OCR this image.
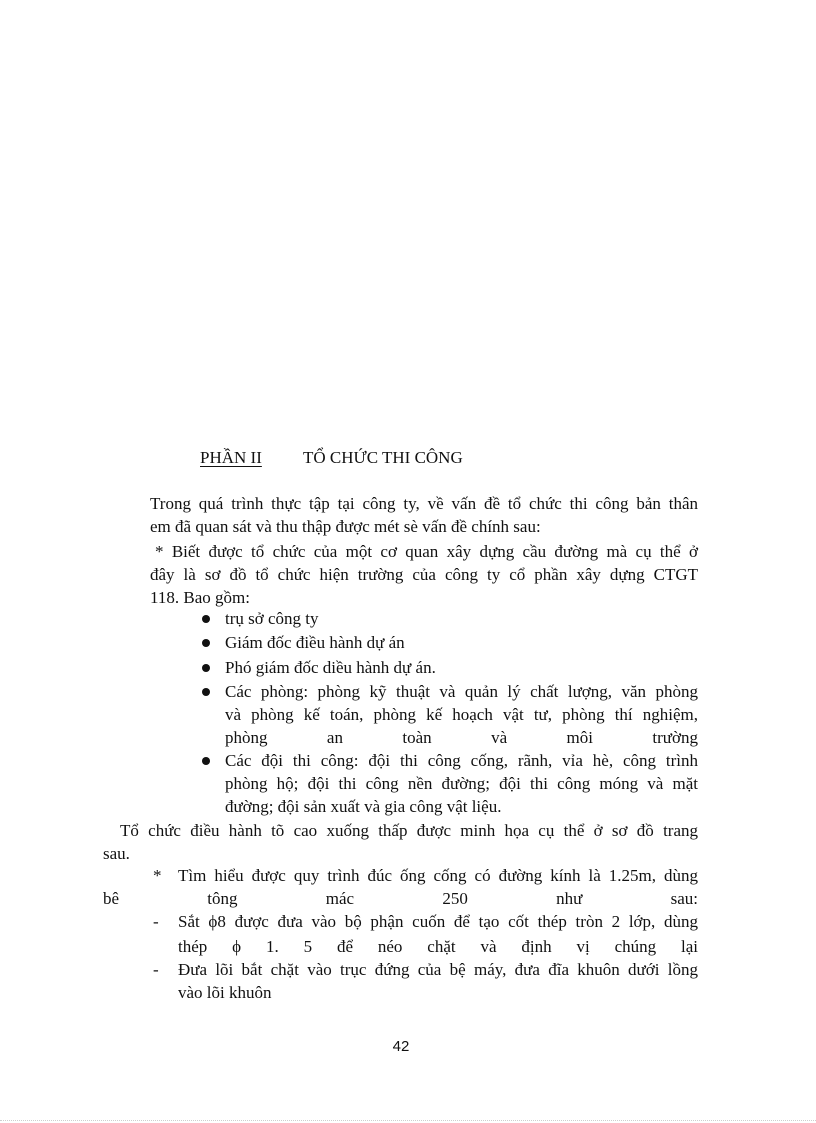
PHẦN II TỔ CHỨC THI CÔNG
Trong quá trình thực tập tại công ty, về vấn đề tổ chức thi công bản thân
em đã quan sát và thu thập được mét sè vấn đề chính sau:
* Biết được tổ chức của một cơ quan xây dựng cầu đường mà cụ thể ở
đây là sơ đồ tổ chức hiện trường của công ty cổ phần xây dựng CTGT
118. Bao gồm:
trụ sở công ty
Giám đốc điều hành dự án
Phó giám đốc diều hành dự án.
Các phòng: phòng kỹ thuật và quản lý chất lượng, văn phòng
và phòng kế toán, phòng kế hoạch vật tư, phòng thí nghiệm,
phòng an toàn và môi trường
Các đội thi công: đội thi công cống, rãnh, vỉa hè, công trình
phòng hộ; đội thi công nền đường; đội thi công móng và mặt
đường; đội sản xuất và gia công vật liệu.
Tổ chức điều hành tõ cao xuống thấp được minh họa cụ thể ở sơ đồ trang
sau.
* Tìm hiểu được quy trình đúc ống cống có đường kính là 1.25m, dùng
bê tông mác 250 như sau:
- Sắt ϕ8 được đưa vào bộ phận cuốn để tạo cốt thép tròn 2 lớp, dùng
thép ϕ 1. 5 để néo chặt và định vị chúng lại
- Đưa lõi bắt chặt vào trục đứng của bệ máy, đưa đĩa khuôn dưới lồng
vào lõi khuôn
42
